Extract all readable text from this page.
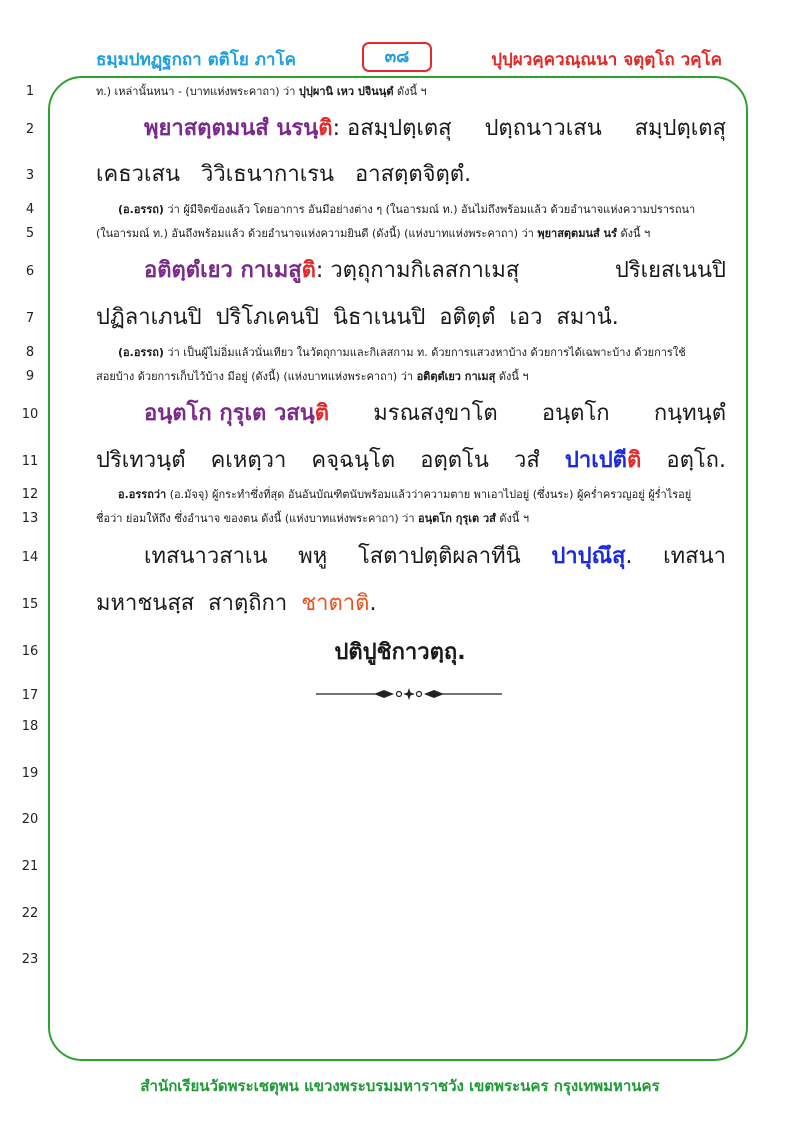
ธมฺมปทฏฺฐกถา ตติโย ภาโค	๓๘	ปุปฺผวคฺควณฺณนา จตุตฺโถ วคฺโค
1
2
3
4
5
6
7
8
9
10
11
12
13
14
15
16
17
18
19
20
21
22
23
ท.) เหล่านั้นหนา - (บาทแห่งพระคาถา) ว่า ปุปฺผานิ เหว ปจินนฺตํ ดังนี้ ฯ
พฺยาสตฺตมนสํ นรนฺติ: อสมฺปตฺเตสุ ปตฺถนาวเสน สมฺปตฺเตสุ
เคธวเสน   วิวิเธนากาเรน   อาสตฺตจิตฺตํ.
(อ.อรรถ) ว่า ผู้มีจิตข้องแล้ว โดยอาการ อันมีอย่างต่าง ๆ (ในอารมณ์ ท.) อันไม่ถึงพร้อมแล้ว ด้วยอำนาจแห่งความปรารถนา
(ในอารมณ์ ท.) อันถึงพร้อมแล้ว ด้วยอำนาจแห่งความยินดี (ดังนี้) (แห่งบาทแห่งพระคาถา) ว่า พฺยาสตฺตมนสํ นรํ ดังนี้ ฯ
อติตฺตํเยว กาเมสูติ: วตฺถุกามกิเลสกาเมสุ	ปริเยสเนนปิ
ปฏิลาเภนปิ  ปริโภเคนปิ  นิธาเนนปิ  อติตฺตํ  เอว  สมานํ.
(อ.อรรถ) ว่า เป็นผู้ไม่อิ่มแล้วนั่นเทียว ในวัตถุกามและกิเลสกาม ท. ด้วยการแสวงหาบ้าง ด้วยการได้เฉพาะบ้าง ด้วยการใช้
สอยบ้าง ด้วยการเก็บไว้บ้าง มีอยู่ (ดังนี้) (แห่งบาทแห่งพระคาถา) ว่า อติตฺตํเยว กาเมสุ ดังนี้ ฯ
อนฺตโก กุรุเต วสนฺติ มรณสงฺขาโต อนฺตโก กนฺทนฺตํ
ปริเทวนฺตํ คเหตฺวา คจฺฉนฺโต อตฺตโน วสํ ปาเปตีติ อตฺโถ.
อ.อรรถว่า (อ.มัจจุ) ผู้กระทำซึ่งที่สุด อันอันบัณฑิตนับพร้อมแล้วว่าความตาย พาเอาไปอยู่ (ซึ่งนระ) ผู้คร่ำครวญอยู่ ผู้ร่ำไรอยู่
ชื่อว่า ย่อมให้ถึง ซึ่งอำนาจ ของตน ดังนี้ (แห่งบาทแห่งพระคาถา) ว่า อนฺตโก กุรุเต วสํ ดังนี้ ฯ
เทสนาวสาเน พหู โสตาปตฺติผลาทีนิ ปาปุณึสุ. เทสนา
มหาชนสฺส  สาตฺถิกา  ชาตาติ.
ปติปูชิกาวตฺถุ.
สำนักเรียนวัดพระเชตุพน แขวงพระบรมมหาราชวัง เขตพระนคร กรุงเทพมหานคร
